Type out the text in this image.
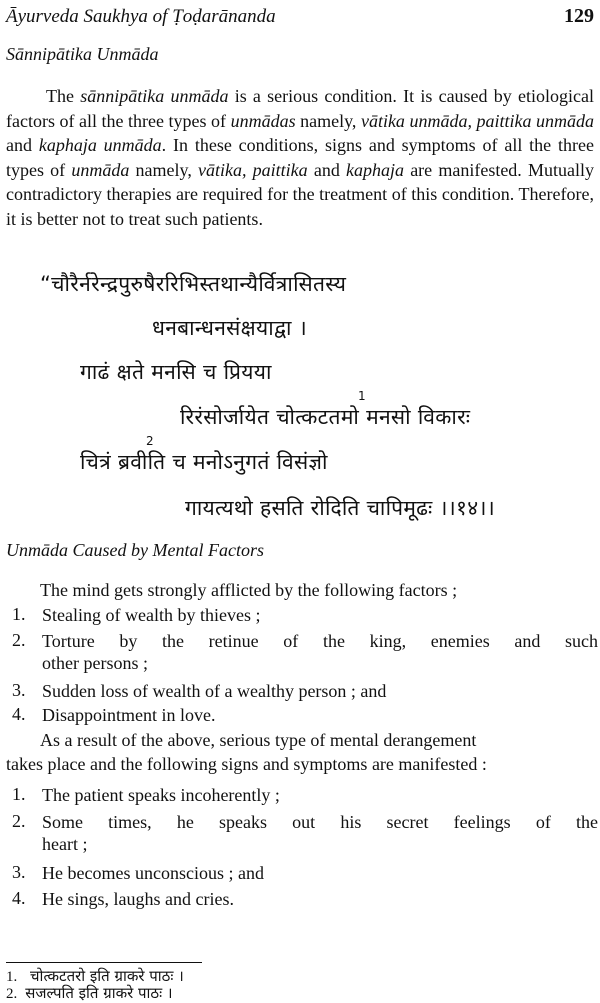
Āyurveda Saukhya of Ṭoḍarānanda	129
Sānnipātika Unmāda

The sānnipātika unmāda is a serious condition. It is caused by etiological factors of all the three types of unmādas namely, vātika unmāda, paittika unmāda and kaphaja unmāda. In these conditions, signs and symptoms of all the three types of unmāda namely, vātika, paittika and kaphaja are manifested. Mutually contradictory therapies are required for the treatment of this condition. Therefore, it is better not to treat such patients.

“चौरैर्नरेन्द्रपुरुषैररिभिस्तथान्यैर्वित्रासितस्य
धनबान्धनसंक्षयाद्वा ।
गाढं क्षते मनसि च प्रियया
1
रिरंसोर्जायेत चोत्कटतमो मनसो विकारः
2
चित्रं ब्रवीति च मनोऽनुगतं विसंज्ञो
गायत्यथो हसति रोदिति चापिमूढः ।।१४।।
Unmāda Caused by Mental Factors
The mind gets strongly afflicted by the following factors ;
1. Stealing of wealth by thieves ;
2. Torture by the retinue of the king, enemies and such
other persons ;
3. Sudden loss of wealth of a wealthy person ; and
4. Disappointment in love.
As a result of the above, serious type of mental derangement
takes place and the following signs and symptoms are manifested :
1. The patient speaks incoherently ;
2. Some times, he speaks out his secret feelings of the
heart ;
3. He becomes unconscious ; and
4. He sings, laughs and cries.
1. चोत्कटतरो इति ग्राकरे पाठः ।
2. सजल्पति इति ग्राकरे पाठः ।
